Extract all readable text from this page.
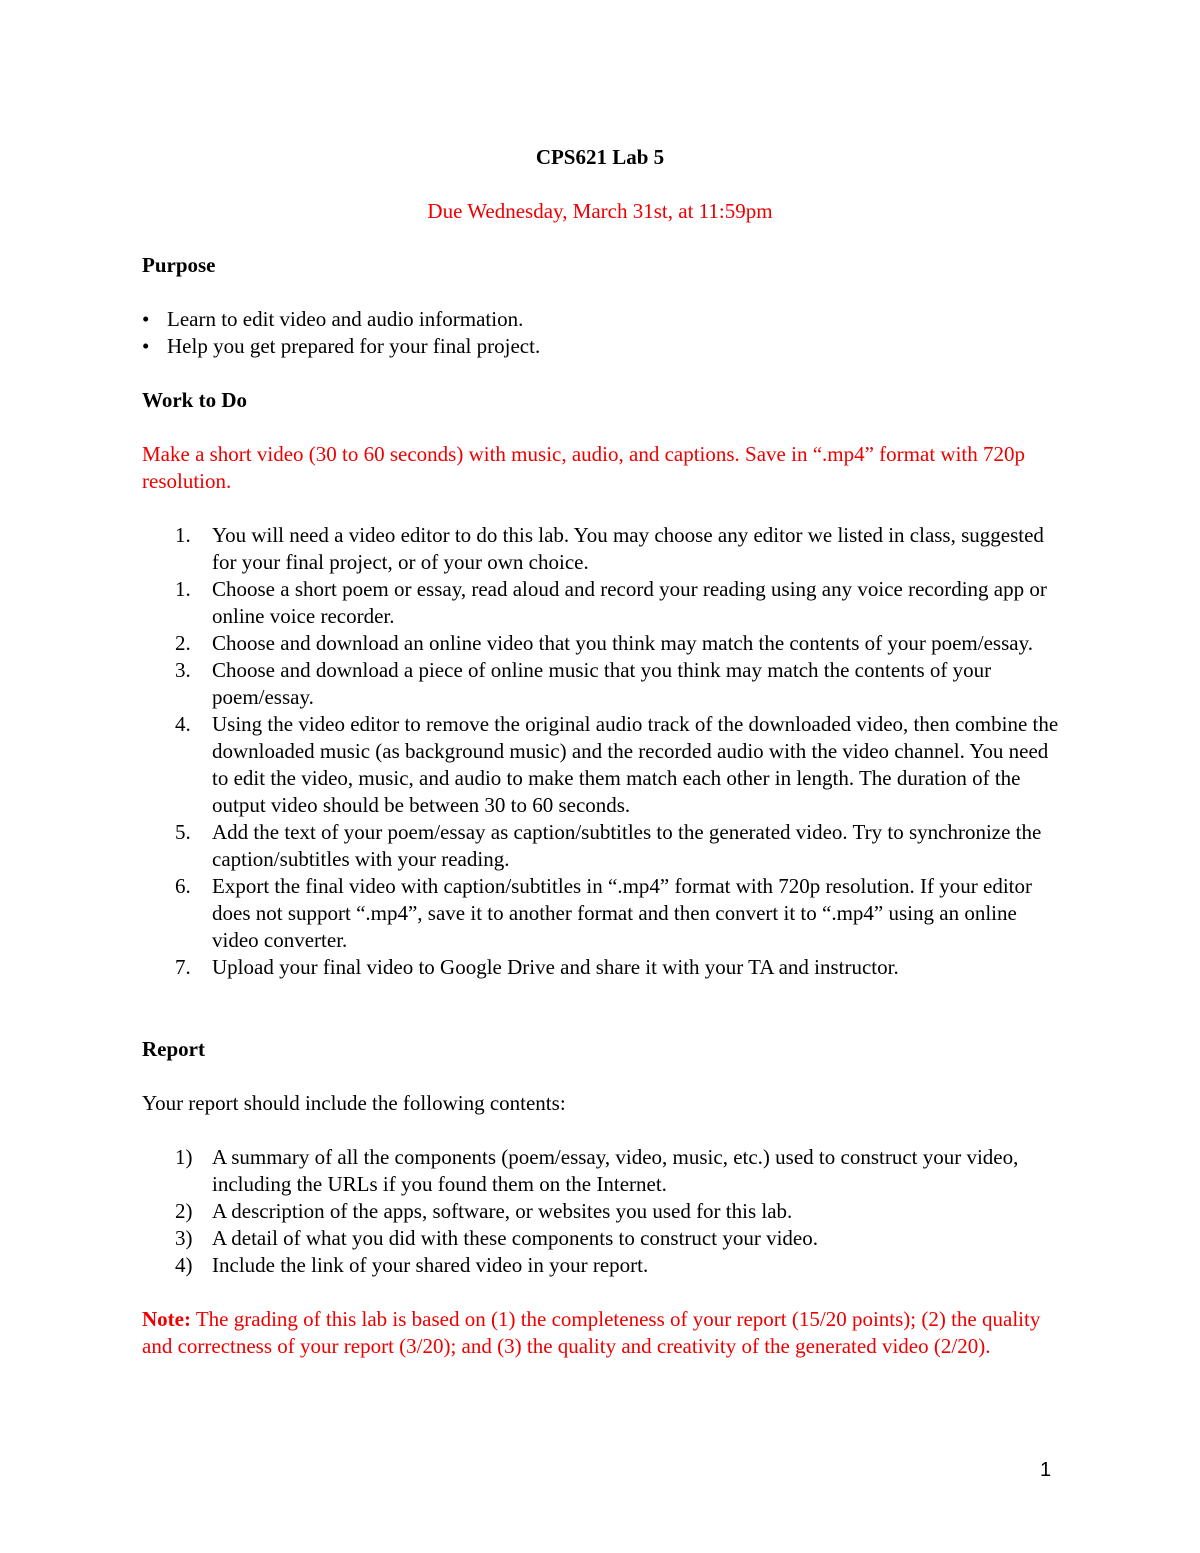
CPS621 Lab 5
Due Wednesday, March 31st, at 11:59pm
Purpose
• Learn to edit video and audio information.
• Help you get prepared for your final project.
Work to Do
Make a short video (30 to 60 seconds) with music, audio, and captions. Save in “.mp4” format with 720p resolution.
1.	You will need a video editor to do this lab. You may choose any editor we listed in class, suggested for your final project, or of your own choice.
1.	Choose a short poem or essay, read aloud and record your reading using any voice recording app or online voice recorder.
2.	Choose and download an online video that you think may match the contents of your poem/essay.
3.	Choose and download a piece of online music that you think may match the contents of your poem/essay.
4.	Using the video editor to remove the original audio track of the downloaded video, then combine the downloaded music (as background music) and the recorded audio with the video channel. You need to edit the video, music, and audio to make them match each other in length. The duration of the output video should be between 30 to 60 seconds.
5.	Add the text of your poem/essay as caption/subtitles to the generated video. Try to synchronize the caption/subtitles with your reading.
6.	Export the final video with caption/subtitles in “.mp4” format with 720p resolution. If your editor does not support “.mp4”, save it to another format and then convert it to “.mp4” using an online video converter.
7.	Upload your final video to Google Drive and share it with your TA and instructor.
Report
Your report should include the following contents:
1) A summary of all the components (poem/essay, video, music, etc.) used to construct your video, including the URLs if you found them on the Internet.
2) A description of the apps, software, or websites you used for this lab.
3) A detail of what you did with these components to construct your video.
4) Include the link of your shared video in your report.
Note: The grading of this lab is based on (1) the completeness of your report (15/20 points); (2) the quality and correctness of your report (3/20); and (3) the quality and creativity of the generated video (2/20).
1
